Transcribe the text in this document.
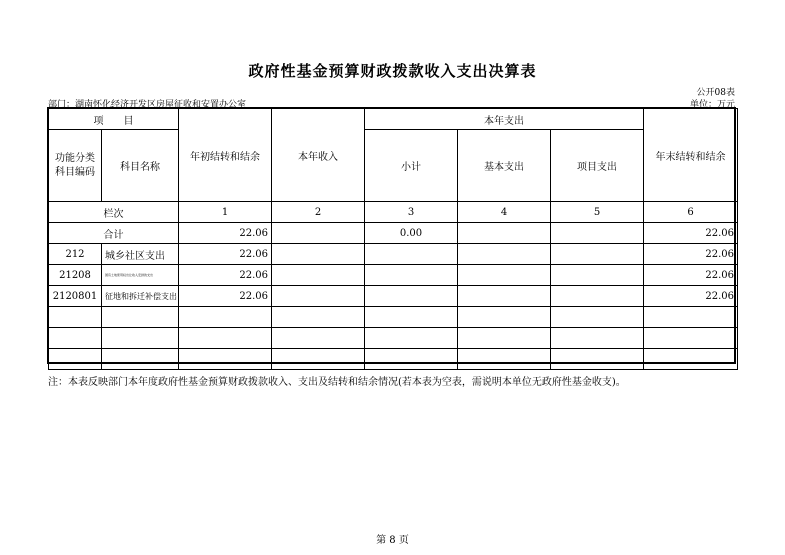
政府性基金预算财政拨款收入支出决算表
公开08表
部门：湖南怀化经济开发区房屋征收和安置办公室	单位：万元
项　　目		年初结转和结余	本年收入	本年支出			年末结转和结余
功能分类
科目编码	科目名称			小计	基本支出	项目支出	

栏次		1	2	3	4	5	6
合计		22.06		0.00			22.06
212	城乡社区支出	22.06					22.06
21208	国有土地使用权出让收入安排的支出	22.06					22.06
2120801	征地和拆迁补偿支出	22.06					22.06

注：本表反映部门本年度政府性基金预算财政拨款收入、支出及结转和结余情况(若本表为空表，需说明本单位无政府性基金收支)。
第 8 页
